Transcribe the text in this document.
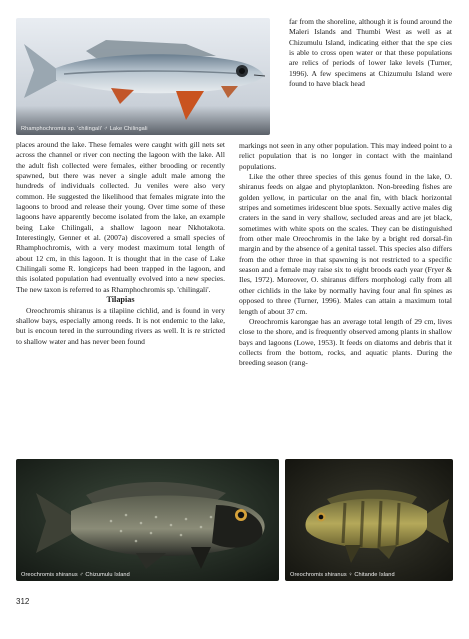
Rhamphochromis sp. 'chilingali' ♂ Lake Chilingali

far from the shoreline, although it is found around the Maleri Islands and Thumbi West as well as at Chizumulu Island, indicating either that the spe cies is able to cross open water or that these populations are relics of periods of lower lake levels (Turner, 1996). A few specimens at Chizumulu Island were found to have black head

places around the lake. These females were caught with gill nets set across the channel or river con necting the lagoon with the lake. All the adult fish collected were females, either brooding or recently spawned, but there was never a single adult male among the hundreds of individuals collected. Ju veniles were also very common. He suggested the likelihood that females migrate into the lagoons to brood and release their young. Over time some of these lagoons have apparently become isolated from the lake, an example being Lake Chilingali, a shallow lagoon near Nkhotakota. Interestingly, Genner et al. (2007a) discovered a small species of Rhamphochromis, with a very modest maximum total length of about 12 cm, in this lagoon. It is thought that in the case of Lake Chilingali some R. longiceps had been trapped in the lagoon, and this isolated population had eventually evolved into a new species. The new taxon is referred to as Rhamphochromis sp. 'chilingali'.

Tilapias

Oreochromis shiranus is a tilapiine cichlid, and is found in very shallow bays, especially among reeds. It is not endemic to the lake, but is encoun tered in the surrounding rivers as well. It is re stricted to shallow water and has never been found

markings not seen in any other population. This may indeed point to a relict population that is no longer in contact with the mainland populations.

Like the other three species of this genus found in the lake, O. shiranus feeds on algae and phytoplankton. Non-breeding fishes are golden yellow, in particular on the anal fin, with black horizontal stripes and sometimes iridescent blue spots. Sexually active males dig craters in the sand in very shallow, secluded areas and are jet black, sometimes with white spots on the scales. They can be distinguished from other male Oreochromis in the lake by a bright red dorsal-fin margin and by the absence of a genital tassel. This species also differs from the other three in that spawning is not restricted to a specific season and a female may raise six to eight broods each year (Fryer & Iles, 1972). Moreover, O. shiranus differs morphologi cally from all other cichlids in the lake by normally having four anal fin spines as opposed to three (Turner, 1996). Males can attain a maximum total length of about 37 cm.

Oreochromis karongae has an average total length of 29 cm, lives close to the shore, and is frequently observed among plants in shallow bays and lagoons (Lowe, 1953). It feeds on diatoms and debris that it collects from the bottom, rocks, and aquatic plants. During the breeding season (rang-

Oreochromis shiranus ♂ Chizumulu Island	Oreochromis shiranus ♀ Chitande Island
312
